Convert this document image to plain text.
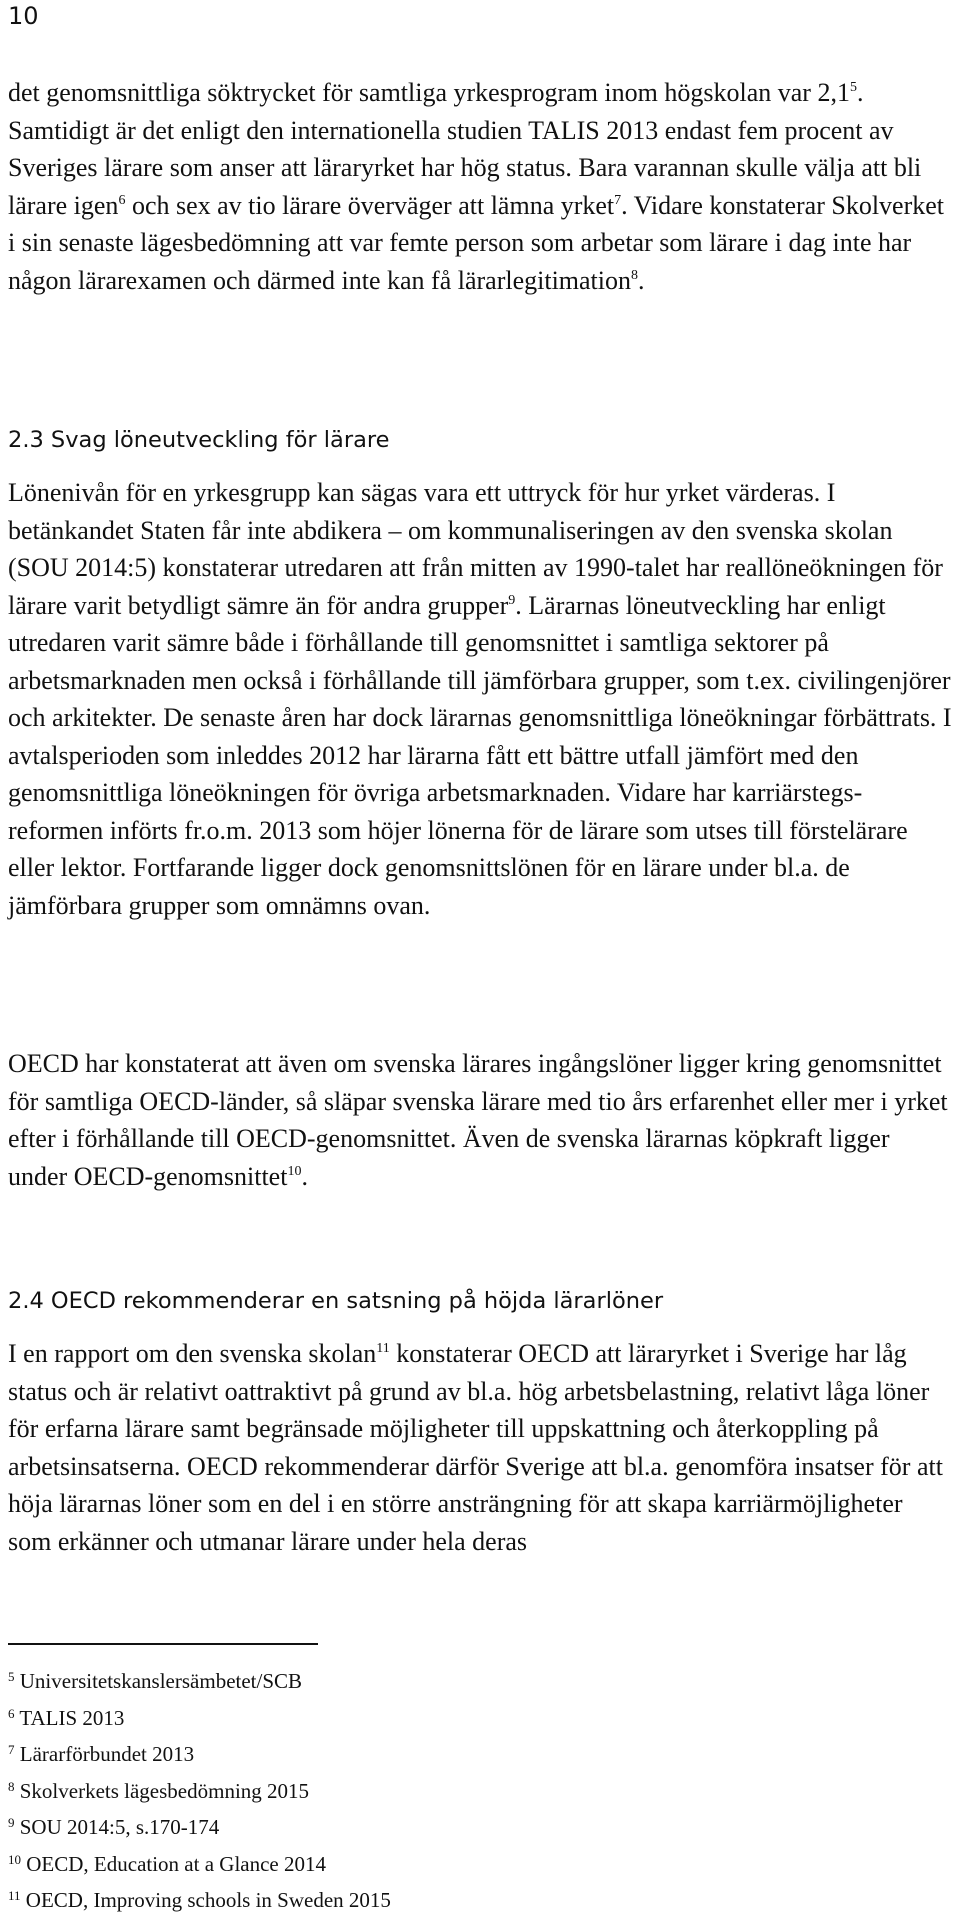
10

det genomsnittliga söktrycket för samtliga yrkesprogram inom högskolan var 2,1$^5$. Samtidigt är det enligt den internationella studien TALIS 2013 endast fem procent av Sveriges lärare som anser att läraryrket har hög status. Bara varannan skulle välja att bli lärare igen$^6$ och sex av tio lärare överväger att lämna yrket$^7$. Vidare konstaterar Skolverket i sin senaste lägesbedömning att var femte person som arbetar som lärare i dag inte har någon lärarexamen och därmed inte kan få lärarlegitimation$^8$.

2.3 Svag löneutveckling för lärare

Lönenivån för en yrkesgrupp kan sägas vara ett uttryck för hur yrket värderas. I betänkandet Staten får inte abdikera – om kommunaliseringen av den svenska skolan (SOU 2014:5) konstaterar utredaren att från mitten av 1990-talet har reallöneökningen för lärare varit betydligt sämre än för andra grupper$^9$. Lärarnas löneutveckling har enligt utredaren varit sämre både i förhållande till genomsnittet i samtliga sektorer på arbetsmarknaden men också i förhållande till jämförbara grupper, som t.ex. civilingenjörer och arkitekter. De senaste åren har dock lärarnas genomsnittliga löneökningar förbättrats. I avtalsperioden som inleddes 2012 har lärarna fått ett bättre utfall jämfört med den genomsnittliga löneökningen för övriga arbetsmarknaden. Vidare har karriärstegs-reformen införts fr.o.m. 2013 som höjer lönerna för de lärare som utses till förstelärare eller lektor. Fortfarande ligger dock genomsnittslönen för en lärare under bl.a. de jämförbara grupper som omnämns ovan.

OECD har konstaterat att även om svenska lärares ingångslöner ligger kring genomsnittet för samtliga OECD-länder, så släpar svenska lärare med tio års erfarenhet eller mer i yrket efter i förhållande till OECD-genomsnittet. Även de svenska lärarnas köpkraft ligger under OECD-genomsnittet$^{10}$.

2.4 OECD rekommenderar en satsning på höjda lärarlöner

I en rapport om den svenska skolan$^{11}$ konstaterar OECD att läraryrket i Sverige har låg status och är relativt oattraktivt på grund av bl.a. hög arbetsbelastning, relativt låga löner för erfarna lärare samt begränsade möjligheter till uppskattning och återkoppling på arbetsinsatserna. OECD rekommenderar därför Sverige att bl.a. genomföra insatser för att höja lärarnas löner som en del i en större ansträngning för att skapa karriärmöjligheter som erkänner och utmanar lärare under hela deras

$^5$ Universitetskanslersämbetet/SCB
$^6$ TALIS 2013
$^7$ Lärarförbundet 2013
$^8$ Skolverkets lägesbedömning 2015
$^9$ SOU 2014:5, s.170-174
$^{10}$ OECD, Education at a Glance 2014
$^{11}$ OECD, Improving schools in Sweden 2015
